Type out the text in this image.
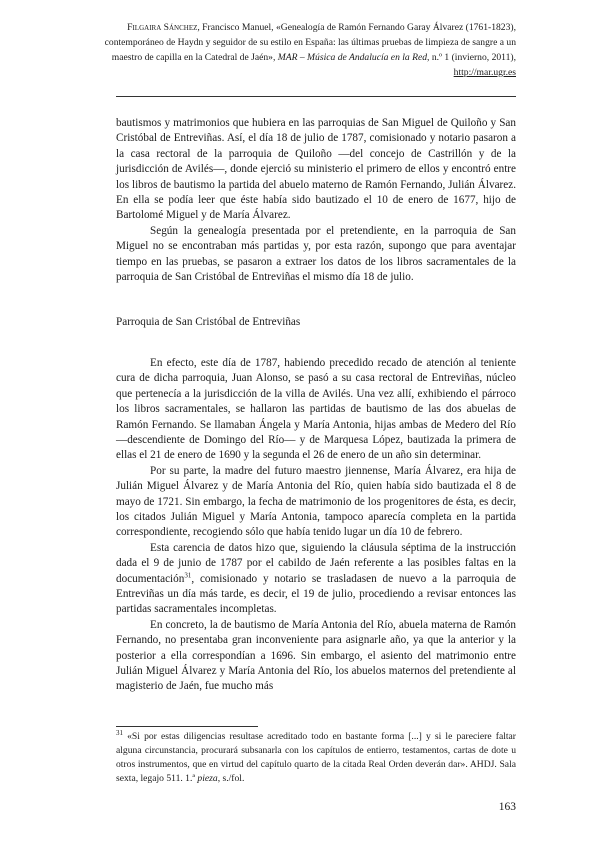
Filgaira Sánchez, Francisco Manuel, «Genealogía de Ramón Fernando Garay Álvarez (1761-1823), contemporáneo de Haydn y seguidor de su estilo en España: las últimas pruebas de limpieza de sangre a un maestro de capilla en la Catedral de Jaén», MAR – Música de Andalucía en la Red, n.º 1 (invierno, 2011), http://mar.ugr.es

bautismos y matrimonios que hubiera en las parroquias de San Miguel de Quiloño y San Cristóbal de Entreviñas. Así, el día 18 de julio de 1787, comisionado y notario pasaron a la casa rectoral de la parroquia de Quiloño —del concejo de Castrillón y de la jurisdicción de Avilés—, donde ejerció su ministerio el primero de ellos y encontró entre los libros de bautismo la partida del abuelo materno de Ramón Fernando, Julián Álvarez. En ella se podía leer que éste había sido bautizado el 10 de enero de 1677, hijo de Bartolomé Miguel y de María Álvarez.

Según la genealogía presentada por el pretendiente, en la parroquia de San Miguel no se encontraban más partidas y, por esta razón, supongo que para aventajar tiempo en las pruebas, se pasaron a extraer los datos de los libros sacramentales de la parroquia de San Cristóbal de Entreviñas el mismo día 18 de julio.

Parroquia de San Cristóbal de Entreviñas

En efecto, este día de 1787, habiendo precedido recado de atención al teniente cura de dicha parroquia, Juan Alonso, se pasó a su casa rectoral de Entreviñas, núcleo que pertenecía a la jurisdicción de la villa de Avilés. Una vez allí, exhibiendo el párroco los libros sacramentales, se hallaron las partidas de bautismo de las dos abuelas de Ramón Fernando. Se llamaban Ángela y María Antonia, hijas ambas de Medero del Río —descendiente de Domingo del Río— y de Marquesa López, bautizada la primera de ellas el 21 de enero de 1690 y la segunda el 26 de enero de un año sin determinar.

Por su parte, la madre del futuro maestro jiennense, María Álvarez, era hija de Julián Miguel Álvarez y de María Antonia del Río, quien había sido bautizada el 8 de mayo de 1721. Sin embargo, la fecha de matrimonio de los progenitores de ésta, es decir, los citados Julián Miguel y María Antonia, tampoco aparecía completa en la partida correspondiente, recogiendo sólo que había tenido lugar un día 10 de febrero.

Esta carencia de datos hizo que, siguiendo la cláusula séptima de la instrucción dada el 9 de junio de 1787 por el cabildo de Jaén referente a las posibles faltas en la documentación$^{31}$, comisionado y notario se trasladasen de nuevo a la parroquia de Entreviñas un día más tarde, es decir, el 19 de julio, procediendo a revisar entonces las partidas sacramentales incompletas.

En concreto, la de bautismo de María Antonia del Río, abuela materna de Ramón Fernando, no presentaba gran inconveniente para asignarle año, ya que la anterior y la posterior a ella correspondían a 1696. Sin embargo, el asiento del matrimonio entre Julián Miguel Álvarez y María Antonia del Río, los abuelos maternos del pretendiente al magisterio de Jaén, fue mucho más

$^{31}$ «Si por estas diligencias resultase acreditado todo en bastante forma [...] y si le pareciere faltar alguna circunstancia, procurará subsanarla con los capítulos de entierro, testamentos, cartas de dote u otros instrumentos, que en virtud del capítulo quarto de la citada Real Orden deverán dar». AHDJ. Sala sexta, legajo 511. 1.ª pieza, s./fol.
163
